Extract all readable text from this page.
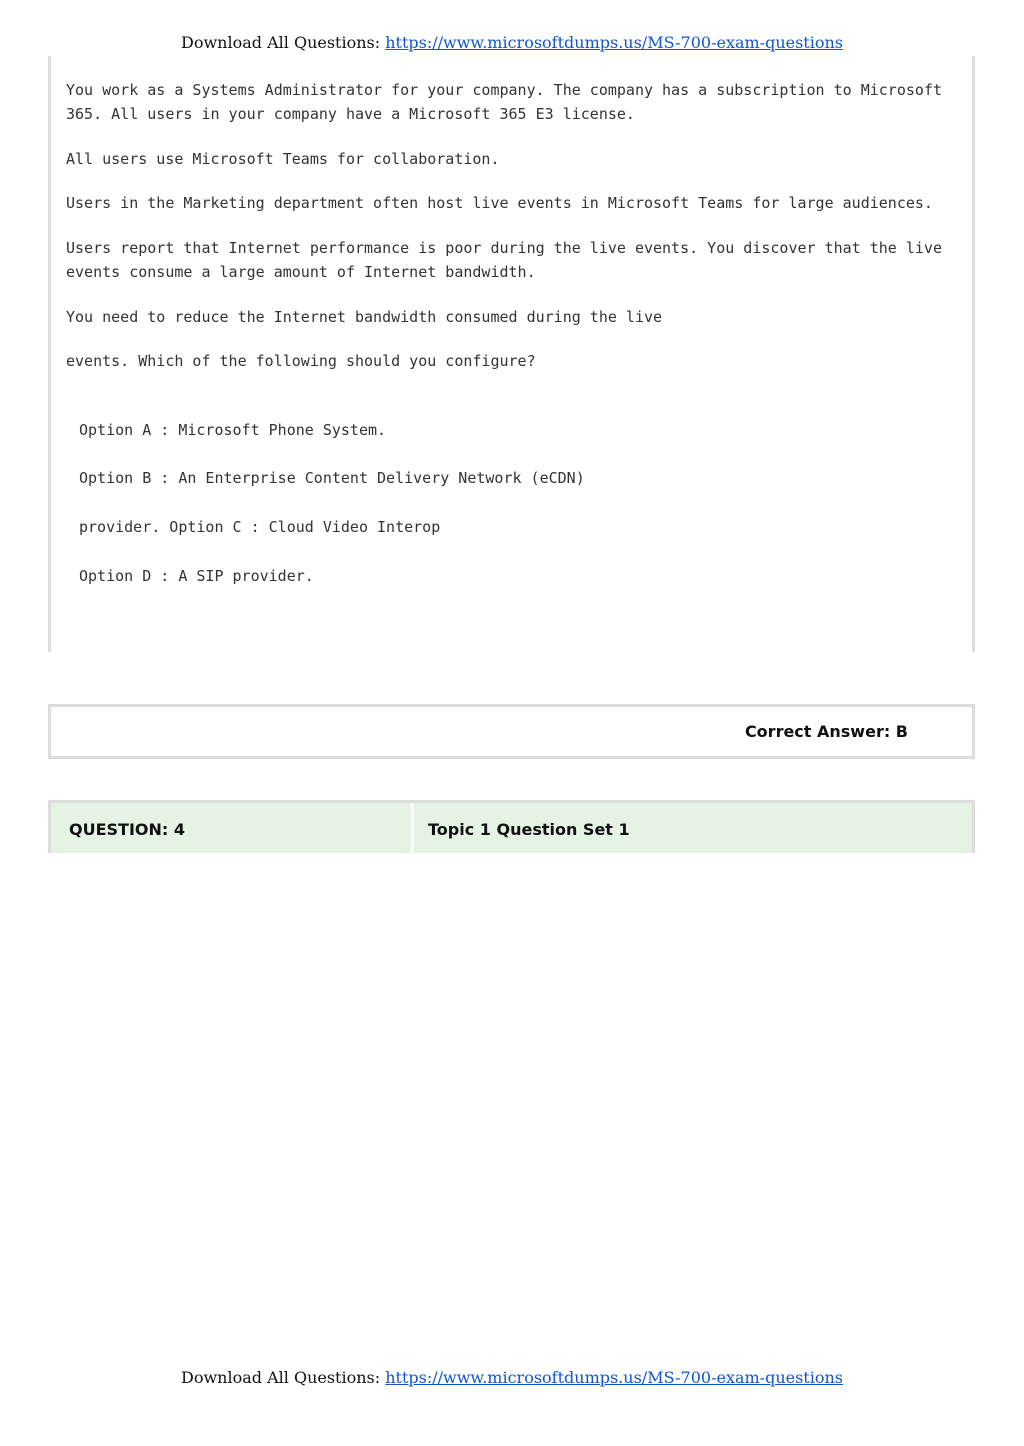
Download All Questions: https://www.microsoftdumps.us/MS-700-exam-questions

You work as a Systems Administrator for your company. The company has a subscription to Microsoft 365. All users in your company have a Microsoft 365 E3 license.

All users use Microsoft Teams for collaboration.

Users in the Marketing department often host live events in Microsoft Teams for large audiences.

Users report that Internet performance is poor during the live events. You discover that the live events consume a large amount of Internet bandwidth.

You need to reduce the Internet bandwidth consumed during the live

events. Which of the following should you configure?

Option A : Microsoft Phone System.
Option B : An Enterprise Content Delivery Network (eCDN)
provider. Option C : Cloud Video Interop
Option D : A SIP provider.
Correct Answer: B
QUESTION: 4	Topic 1 Question Set 1
Download All Questions: https://www.microsoftdumps.us/MS-700-exam-questions
